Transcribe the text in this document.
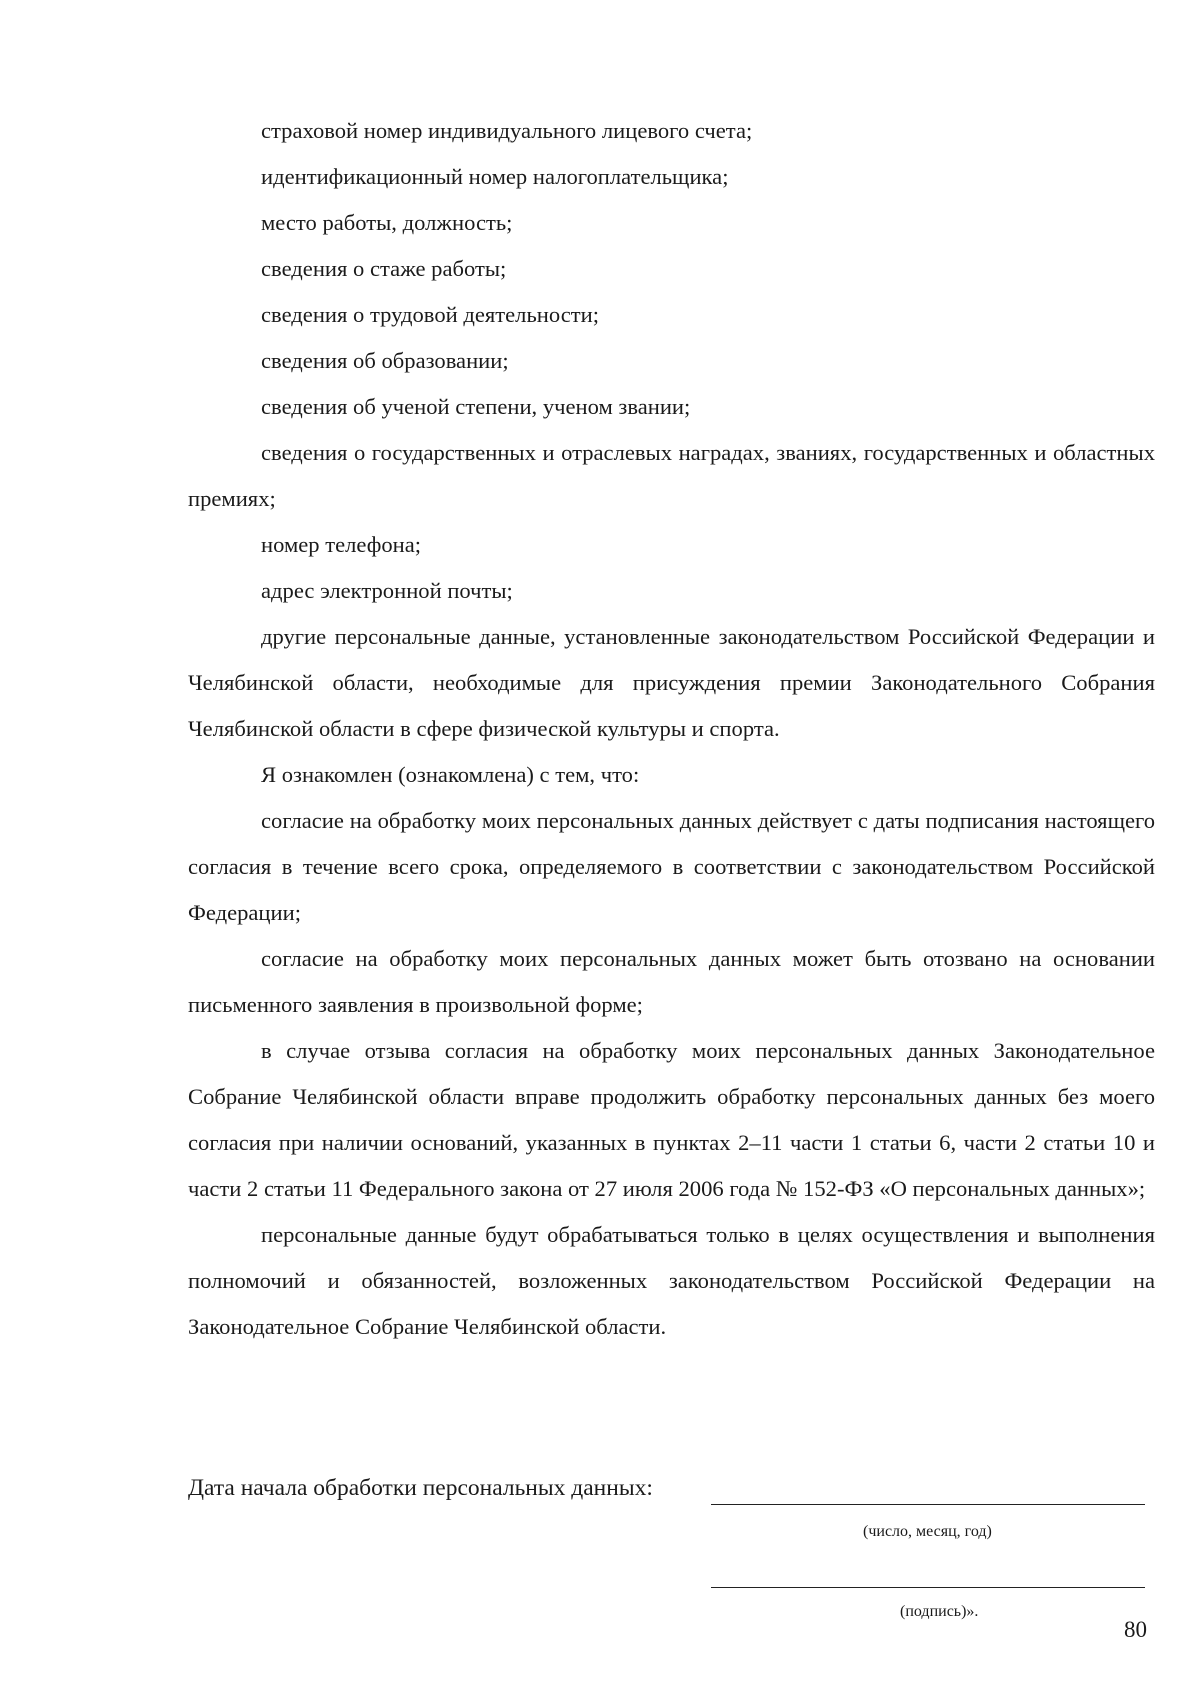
страховой номер индивидуального лицевого счета;

идентификационный номер налогоплательщика;

место работы, должность;

сведения о стаже работы;

сведения о трудовой деятельности;

сведения об образовании;

сведения об ученой степени, ученом звании;

сведения о государственных и отраслевых наградах, званиях, государственных и областных премиях;

номер телефона;

адрес электронной почты;

другие персональные данные, установленные законодательством Российской Федерации и Челябинской области, необходимые для присуждения премии Законодательного Собрания Челябинской области в сфере физической культуры и спорта.

Я ознакомлен (ознакомлена) с тем, что:

согласие на обработку моих персональных данных действует с даты подписания настоящего согласия в течение всего срока, определяемого в соответствии с законодательством Российской Федерации;

согласие на обработку моих персональных данных может быть отозвано на основании письменного заявления в произвольной форме;

в случае отзыва согласия на обработку моих персональных данных Законодательное Собрание Челябинской области вправе продолжить обработку персональных данных без моего согласия при наличии оснований, указанных в пунктах 2–11 части 1 статьи 6, части 2 статьи 10 и части 2 статьи 11 Федерального закона от 27 июля 2006 года № 152-ФЗ «О персональных данных»;

персональные данные будут обрабатываться только в целях осуществления и выполнения полномочий и обязанностей, возложенных законодательством Российской Федерации на Законодательное Собрание Челябинской области.

Дата начала обработки персональных данных:
(число, месяц, год)
(подпись)».
80
